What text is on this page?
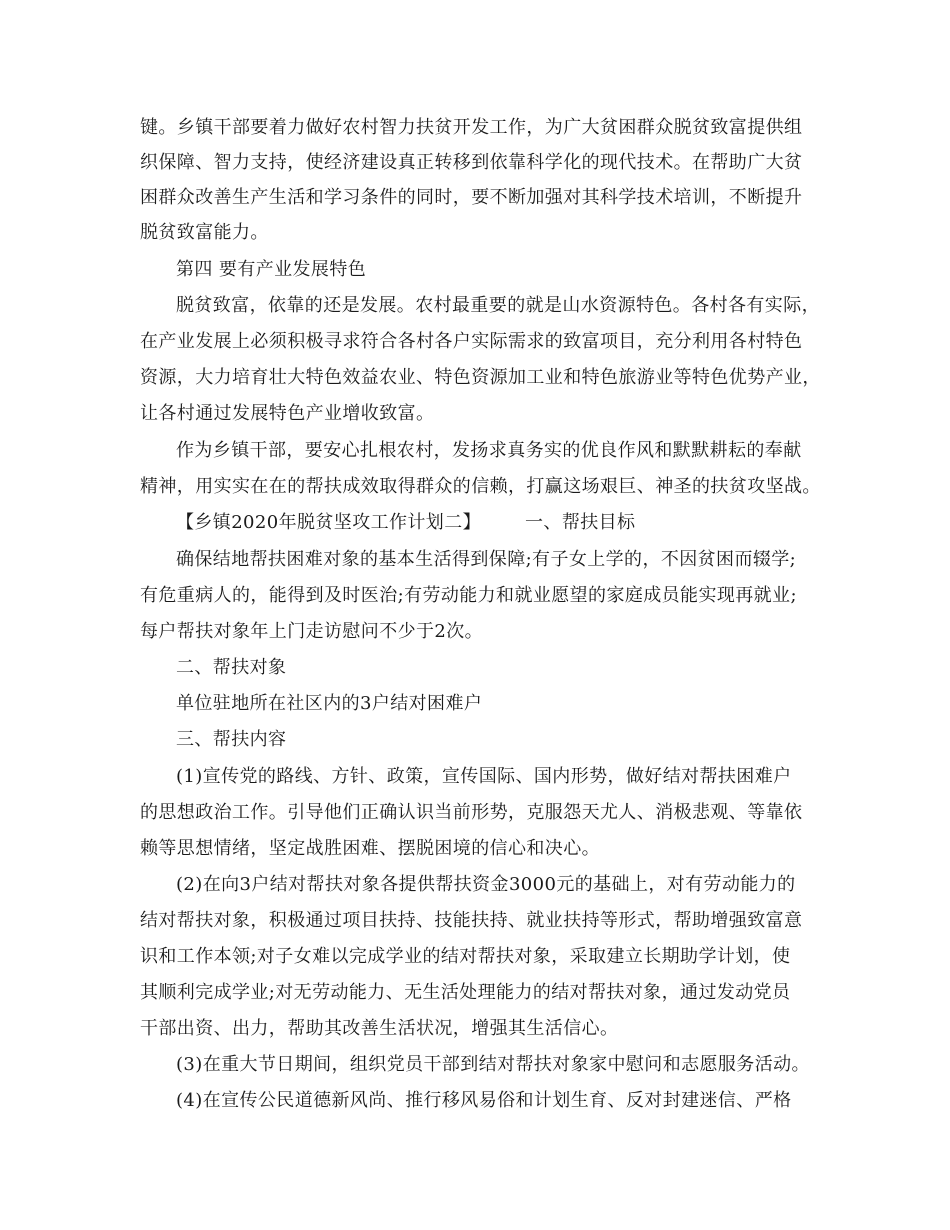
键。乡镇干部要着力做好农村智力扶贫开发工作，为广大贫困群众脱贫致富提供组
织保障、智力支持，使经济建设真正转移到依靠科学化的现代技术。在帮助广大贫
困群众改善生产生活和学习条件的同时，要不断加强对其科学技术培训，不断提升
脱贫致富能力。
第四 要有产业发展特色
脱贫致富，依靠的还是发展。农村最重要的就是山水资源特色。各村各有实际，
在产业发展上必须积极寻求符合各村各户实际需求的致富项目，充分利用各村特色
资源，大力培育壮大特色效益农业、特色资源加工业和特色旅游业等特色优势产业，
让各村通过发展特色产业增收致富。
作为乡镇干部，要安心扎根农村，发扬求真务实的优良作风和默默耕耘的奉献
精神，用实实在在的帮扶成效取得群众的信赖，打赢这场艰巨、神圣的扶贫攻坚战。
【乡镇2020年脱贫坚攻工作计划二】 一、帮扶目标
确保结地帮扶困难对象的基本生活得到保障;有子女上学的，不因贫困而辍学;
有危重病人的，能得到及时医治;有劳动能力和就业愿望的家庭成员能实现再就业;
每户帮扶对象年上门走访慰问不少于2次。
二、帮扶对象
单位驻地所在社区内的3户结对困难户
三、帮扶内容
(1)宣传党的路线、方针、政策，宣传国际、国内形势，做好结对帮扶困难户
的思想政治工作。引导他们正确认识当前形势，克服怨天尤人、消极悲观、等靠依
赖等思想情绪，坚定战胜困难、摆脱困境的信心和决心。
(2)在向3户结对帮扶对象各提供帮扶资金3000元的基础上，对有劳动能力的
结对帮扶对象，积极通过项目扶持、技能扶持、就业扶持等形式，帮助增强致富意
识和工作本领;对子女难以完成学业的结对帮扶对象，采取建立长期助学计划，使
其顺利完成学业;对无劳动能力、无生活处理能力的结对帮扶对象，通过发动党员
干部出资、出力，帮助其改善生活状况，增强其生活信心。
(3)在重大节日期间，组织党员干部到结对帮扶对象家中慰问和志愿服务活动。
(4)在宣传公民道德新风尚、推行移风易俗和计划生育、反对封建迷信、严格
